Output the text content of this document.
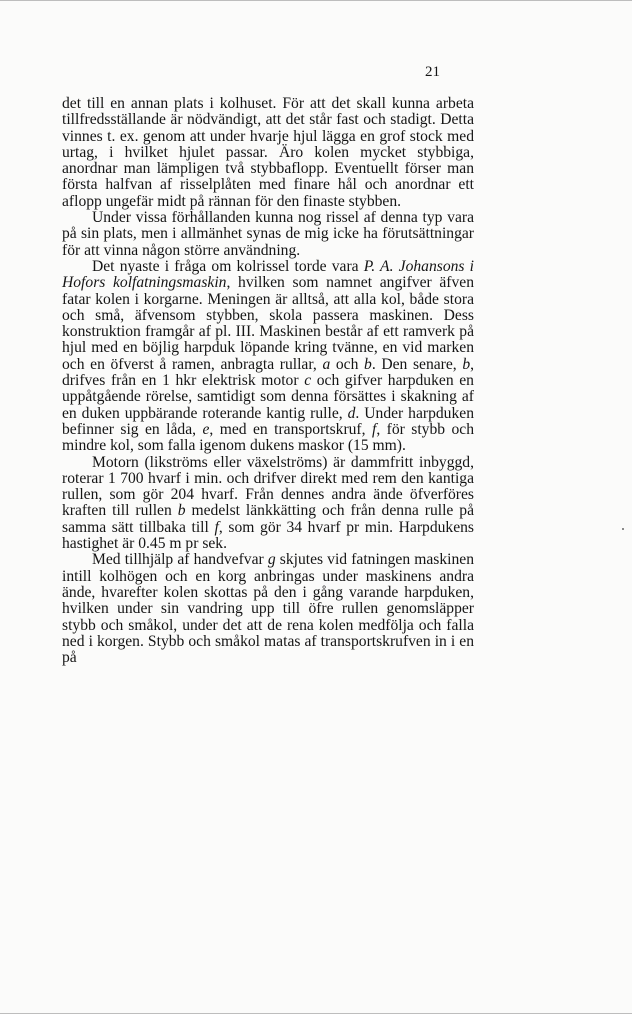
21

det till en annan plats i kolhuset. För att det skall kunna arbeta tillfredsställande är nödvändigt, att det står fast och stadigt. Detta vinnes t. ex. genom att under hvarje hjul lägga en grof stock med urtag, i hvilket hjulet passar. Äro kolen mycket stybbiga, anordnar man lämpligen två stybbaflopp. Eventuellt förser man första halfvan af risselplåten med finare hål och anordnar ett aflopp ungefär midt på rännan för den finaste stybben.

Under vissa förhållanden kunna nog rissel af denna typ vara på sin plats, men i allmänhet synas de mig icke ha förutsättningar för att vinna någon större användning.

Det nyaste i fråga om kolrissel torde vara P. A. Johansons i Hofors kolfatningsmaskin, hvilken som namnet angifver äfven fatar kolen i korgarne. Meningen är alltså, att alla kol, både stora och små, äfvensom stybben, skola passera maskinen. Dess konstruktion framgår af pl. III. Maskinen består af ett ramverk på hjul med en böjlig harpduk löpande kring tvänne, en vid marken och en öfverst å ramen, anbragta rullar, a och b. Den senare, b, drifves från en 1 hkr elektrisk motor c och gifver harpduken en uppåtgående rörelse, samtidigt som denna försättes i skakning af en duken uppbärande roterande kantig rulle, d. Under harpduken befinner sig en låda, e, med en transportskruf, f, för stybb och mindre kol, som falla igenom dukens maskor (15 mm).

Motorn (likströms eller växelströms) är dammfritt inbyggd, roterar 1 700 hvarf i min. och drifver direkt med rem den kantiga rullen, som gör 204 hvarf. Från dennes andra ände öfverföres kraften till rullen b medelst länkkätting och från denna rulle på samma sätt tillbaka till f, som gör 34 hvarf pr min. Harpdukens hastighet är 0.45 m pr sek.

Med tillhjälp af handvefvar g skjutes vid fatningen maskinen intill kolhögen och en korg anbringas under maskinens andra ände, hvarefter kolen skottas på den i gång varande harpduken, hvilken under sin vandring upp till öfre rullen genomsläpper stybb och småkol, under det att de rena kolen medfölja och falla ned i korgen. Stybb och småkol matas af transportskrufven in i en på
